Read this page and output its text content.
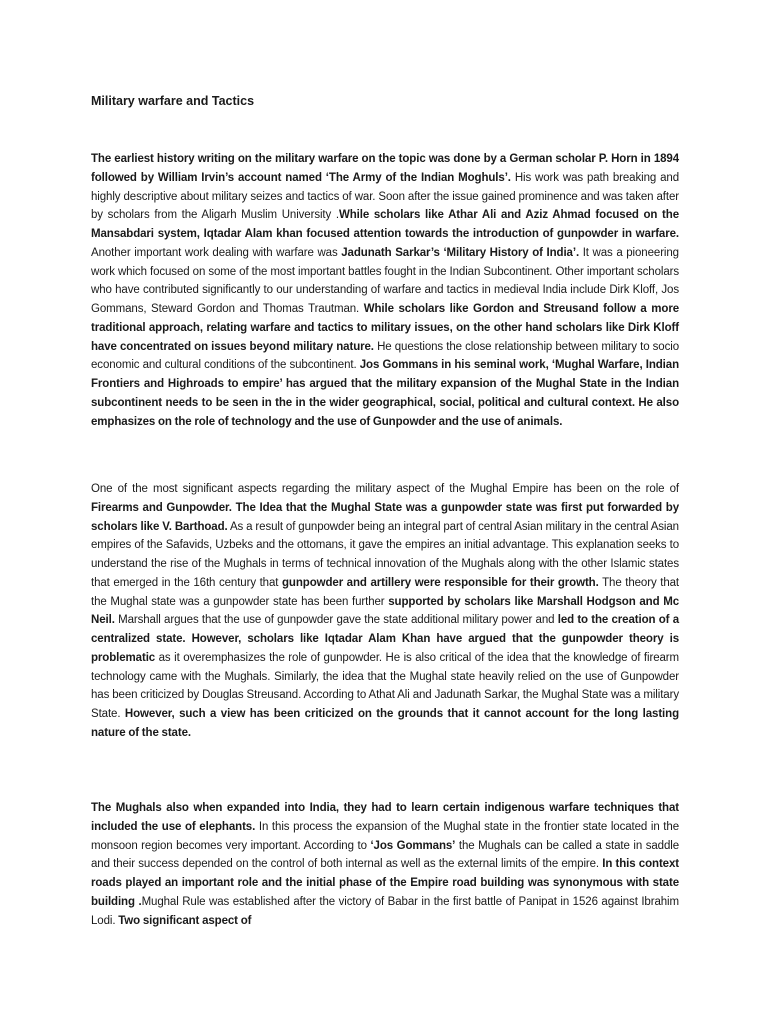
Military warfare and Tactics

The earliest history writing on the military warfare on the topic was done by a German scholar P. Horn in 1894 followed by William Irvin’s account named ‘The Army of the Indian Moghuls’. His work was path breaking and highly descriptive about military seizes and tactics of war. Soon after the issue gained prominence and was taken after by scholars from the Aligarh Muslim University .While scholars like Athar Ali and Aziz Ahmad focused on the Mansabdari system, Iqtadar Alam khan focused attention towards the introduction of gunpowder in warfare. Another important work dealing with warfare was Jadunath Sarkar’s ‘Military History of India’. It was a pioneering work which focused on some of the most important battles fought in the Indian Subcontinent. Other important scholars who have contributed significantly to our understanding of warfare and tactics in medieval India include Dirk Kloff, Jos Gommans, Steward Gordon and Thomas Trautman. While scholars like Gordon and Streusand follow a more traditional approach, relating warfare and tactics to military issues, on the other hand scholars like Dirk Kloff have concentrated on issues beyond military nature. He questions the close relationship between military to socio economic and cultural conditions of the subcontinent. Jos Gommans in his seminal work, ‘Mughal Warfare, Indian Frontiers and Highroads to empire’ has argued that the military expansion of the Mughal State in the Indian subcontinent needs to be seen in the in the wider geographical, social, political and cultural context. He also emphasizes on the role of technology and the use of Gunpowder and the use of animals.

One of the most significant aspects regarding the military aspect of the Mughal Empire has been on the role of Firearms and Gunpowder. The Idea that the Mughal State was a gunpowder state was first put forwarded by scholars like V. Barthoad. As a result of gunpowder being an integral part of central Asian military in the central Asian empires of the Safavids, Uzbeks and the ottomans, it gave the empires an initial advantage. This explanation seeks to understand the rise of the Mughals in terms of technical innovation of the Mughals along with the other Islamic states that emerged in the 16th century that gunpowder and artillery were responsible for their growth. The theory that the Mughal state was a gunpowder state has been further supported by scholars like Marshall Hodgson and Mc Neil. Marshall argues that the use of gunpowder gave the state additional military power and led to the creation of a centralized state. However, scholars like Iqtadar Alam Khan have argued that the gunpowder theory is problematic as it overemphasizes the role of gunpowder. He is also critical of the idea that the knowledge of firearm technology came with the Mughals. Similarly, the idea that the Mughal state heavily relied on the use of Gunpowder has been criticized by Douglas Streusand. According to Athat Ali and Jadunath Sarkar, the Mughal State was a military State. However, such a view has been criticized on the grounds that it cannot account for the long lasting nature of the state.

The Mughals also when expanded into India, they had to learn certain indigenous warfare techniques that included the use of elephants. In this process the expansion of the Mughal state in the frontier state located in the monsoon region becomes very important. According to ‘Jos Gommans’ the Mughals can be called a state in saddle and their success depended on the control of both internal as well as the external limits of the empire. In this context roads played an important role and the initial phase of the Empire road building was synonymous with state building .Mughal Rule was established after the victory of Babar in the first battle of Panipat in 1526 against Ibrahim Lodi. Two significant aspect of
